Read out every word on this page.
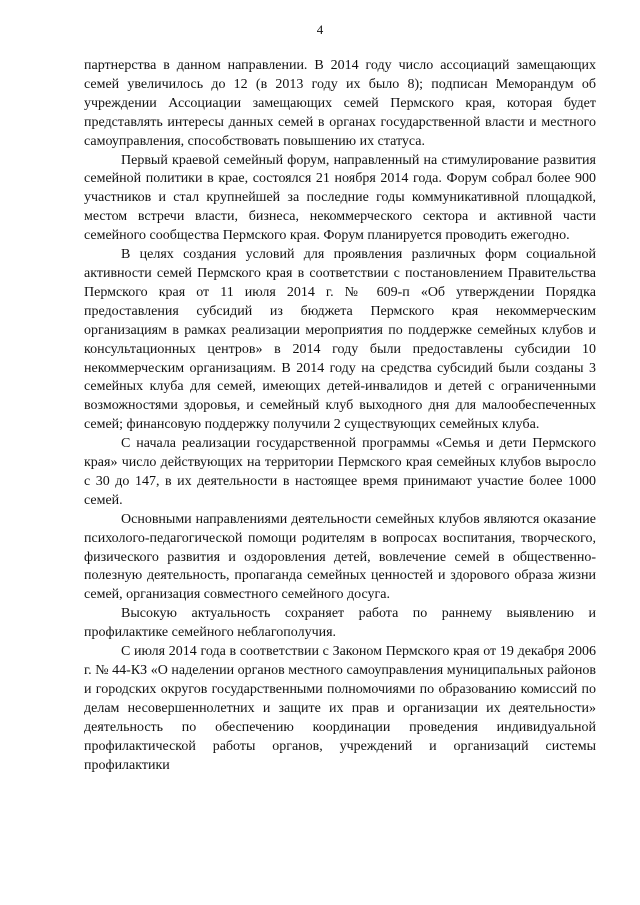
4

партнерства в данном направлении. В 2014 году число ассоциаций замещающих семей увеличилось до 12 (в 2013 году их было 8); подписан Меморандум об учреждении Ассоциации замещающих семей Пермского края, которая будет представлять интересы данных семей в органах государственной власти и местного самоуправления, способствовать повышению их статуса.

Первый краевой семейный форум, направленный на стимулирование развития семейной политики в крае, состоялся 21 ноября 2014 года. Форум собрал более 900 участников и стал крупнейшей за последние годы коммуникативной площадкой, местом встречи власти, бизнеса, некоммерческого сектора и активной части семейного сообщества Пермского края. Форум планируется проводить ежегодно.

В целях создания условий для проявления различных форм социальной активности семей Пермского края в соответствии с постановлением Правительства Пермского края от 11 июля 2014 г. № 609-п «Об утверждении Порядка предоставления субсидий из бюджета Пермского края некоммерческим организациям в рамках реализации мероприятия по поддержке семейных клубов и консультационных центров» в 2014 году были предоставлены субсидии 10 некоммерческим организациям. В 2014 году на средства субсидий были созданы 3 семейных клуба для семей, имеющих детей-инвалидов и детей с ограниченными возможностями здоровья, и семейный клуб выходного дня для малообеспеченных семей; финансовую поддержку получили 2 существующих семейных клуба.

С начала реализации государственной программы «Семья и дети Пермского края» число действующих на территории Пермского края семейных клубов выросло с 30 до 147, в их деятельности в настоящее время принимают участие более 1000 семей.

Основными направлениями деятельности семейных клубов являются оказание психолого-педагогической помощи родителям в вопросах воспитания, творческого, физического развития и оздоровления детей, вовлечение семей в общественно-полезную деятельность, пропаганда семейных ценностей и здорового образа жизни семей, организация совместного семейного досуга.

Высокую актуальность сохраняет работа по раннему выявлению и профилактике семейного неблагополучия.

С июля 2014 года в соответствии с Законом Пермского края от 19 декабря 2006 г. № 44-КЗ «О наделении органов местного самоуправления муниципальных районов и городских округов государственными полномочиями по образованию комиссий по делам несовершеннолетних и защите их прав и организации их деятельности» деятельность по обеспечению координации проведения индивидуальной профилактической работы органов, учреждений и организаций системы профилактики
